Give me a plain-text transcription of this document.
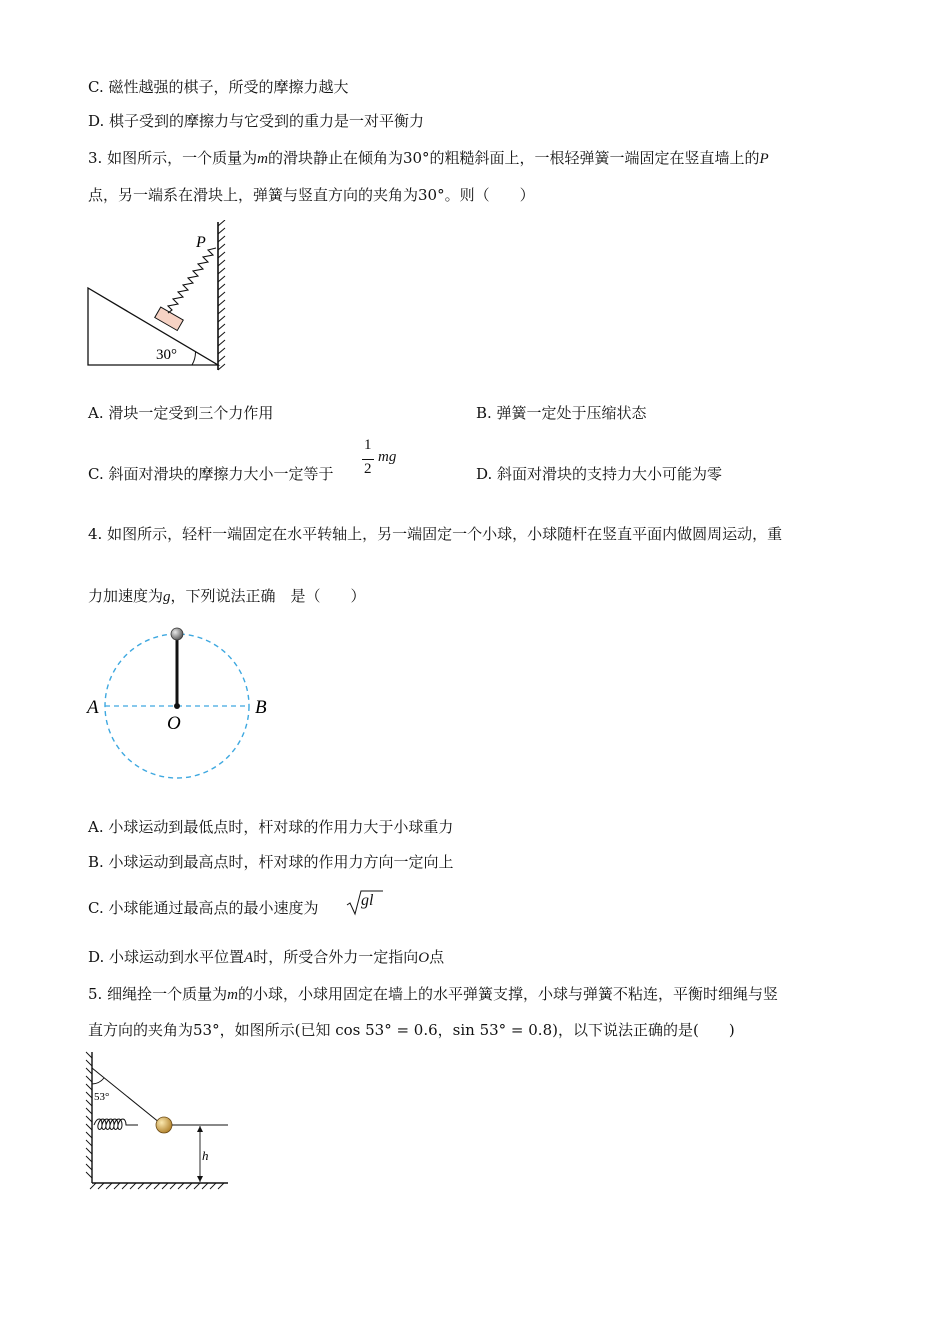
C. 磁性越强的棋子，所受的摩擦力越大
D. 棋子受到的摩擦力与它受到的重力是一对平衡力
3. 如图所示，一个质量为m的滑块静止在倾角为30°的粗糙斜面上，一根轻弹簧一端固定在竖直墙上的P
点，另一端系在滑块上，弹簧与竖直方向的夹角为30°。则（　　）
P
30°
A. 滑块一定受到三个力作用	B. 弹簧一定处于压缩状态
C. 斜面对滑块的摩擦力大小一定等于
1
2
mg
D. 斜面对滑块的支持力大小可能为零
4. 如图所示，轻杆一端固定在水平转轴上，另一端固定一个小球，小球随杆在竖直平面内做圆周运动，重
力加速度为g，下列说法正确　是（　　）
A	B
O
A. 小球运动到最低点时，杆对球的作用力大于小球重力
B. 小球运动到最高点时，杆对球的作用力方向一定向上
C. 小球能通过最高点的最小速度为	gl
D. 小球运动到水平位置A时，所受合外力一定指向O点
5. 细绳拴一个质量为m的小球，小球用固定在墙上的水平弹簧支撑，小球与弹簧不粘连，平衡时细绳与竖
直方向的夹角为53°，如图所示(已知 cos 53° = 0.6，sin 53° = 0.8)，以下说法正确的是(　　)
53°
h
